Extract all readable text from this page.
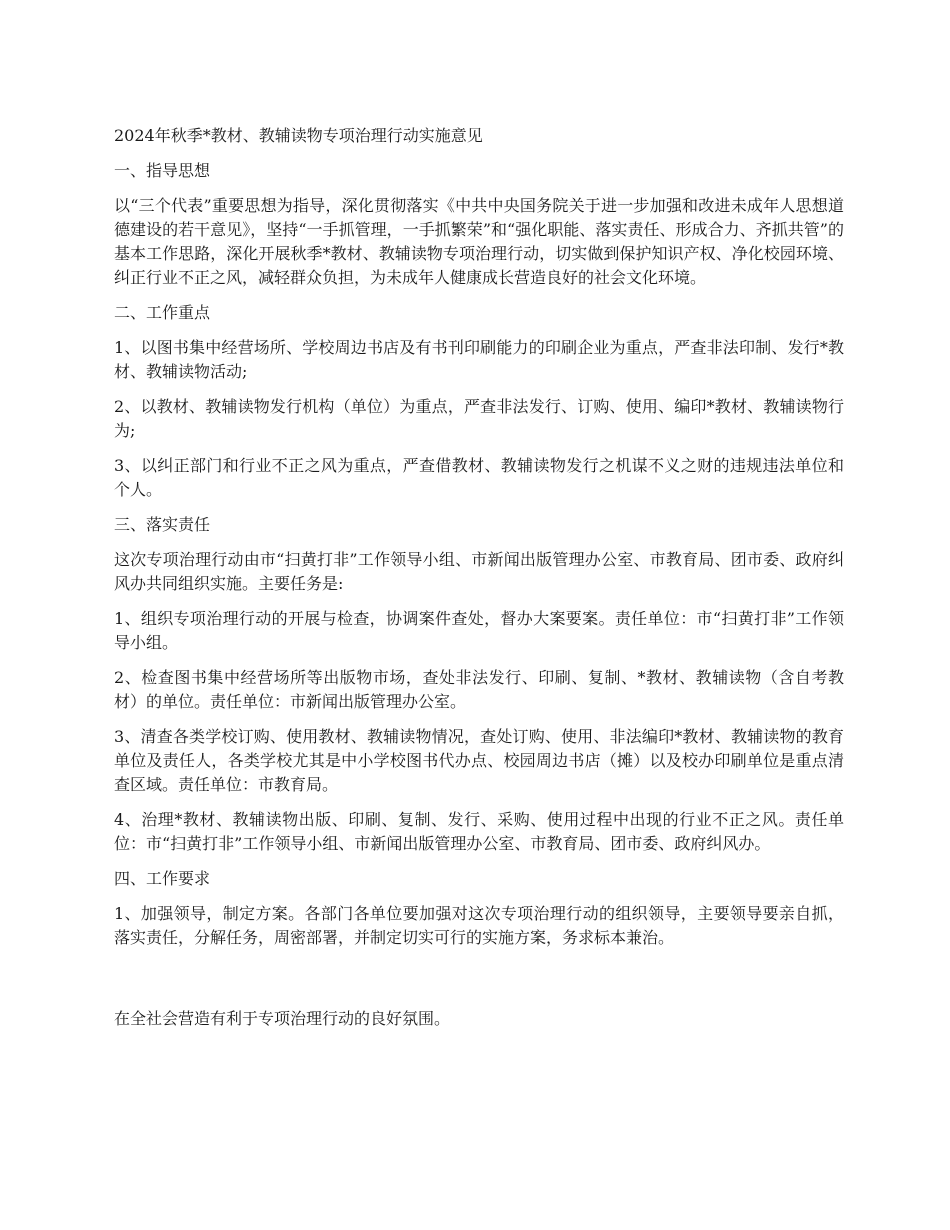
2024年秋季*教材、教辅读物专项治理行动实施意见

一、指导思想

以“三个代表”重要思想为指导，深化贯彻落实《中共中央国务院关于进一步加强和改进未成年人思想道德建设的若干意见》，坚持“一手抓管理，一手抓繁荣”和“强化职能、落实责任、形成合力、齐抓共管”的基本工作思路，深化开展秋季*教材、教辅读物专项治理行动，切实做到保护知识产权、净化校园环境、纠正行业不正之风，减轻群众负担，为未成年人健康成长营造良好的社会文化环境。

二、工作重点

1、以图书集中经营场所、学校周边书店及有书刊印刷能力的印刷企业为重点，严查非法印制、发行*教材、教辅读物活动;

2、以教材、教辅读物发行机构（单位）为重点，严查非法发行、订购、使用、编印*教材、教辅读物行为;

3、以纠正部门和行业不正之风为重点，严查借教材、教辅读物发行之机谋不义之财的违规违法单位和个人。

三、落实责任

这次专项治理行动由市“扫黄打非”工作领导小组、市新闻出版管理办公室、市教育局、团市委、政府纠风办共同组织实施。主要任务是:

1、组织专项治理行动的开展与检查，协调案件查处，督办大案要案。责任单位：市“扫黄打非”工作领导小组。

2、检查图书集中经营场所等出版物市场，查处非法发行、印刷、复制、*教材、教辅读物（含自考教材）的单位。责任单位：市新闻出版管理办公室。

3、清查各类学校订购、使用教材、教辅读物情况，查处订购、使用、非法编印*教材、教辅读物的教育单位及责任人，各类学校尤其是中小学校图书代办点、校园周边书店（摊）以及校办印刷单位是重点清查区域。责任单位：市教育局。

4、治理*教材、教辅读物出版、印刷、复制、发行、采购、使用过程中出现的行业不正之风。责任单位：市“扫黄打非”工作领导小组、市新闻出版管理办公室、市教育局、团市委、政府纠风办。

四、工作要求

1、加强领导，制定方案。各部门各单位要加强对这次专项治理行动的组织领导，主要领导要亲自抓，落实责任，分解任务，周密部署，并制定切实可行的实施方案，务求标本兼治。

在全社会营造有利于专项治理行动的良好氛围。
